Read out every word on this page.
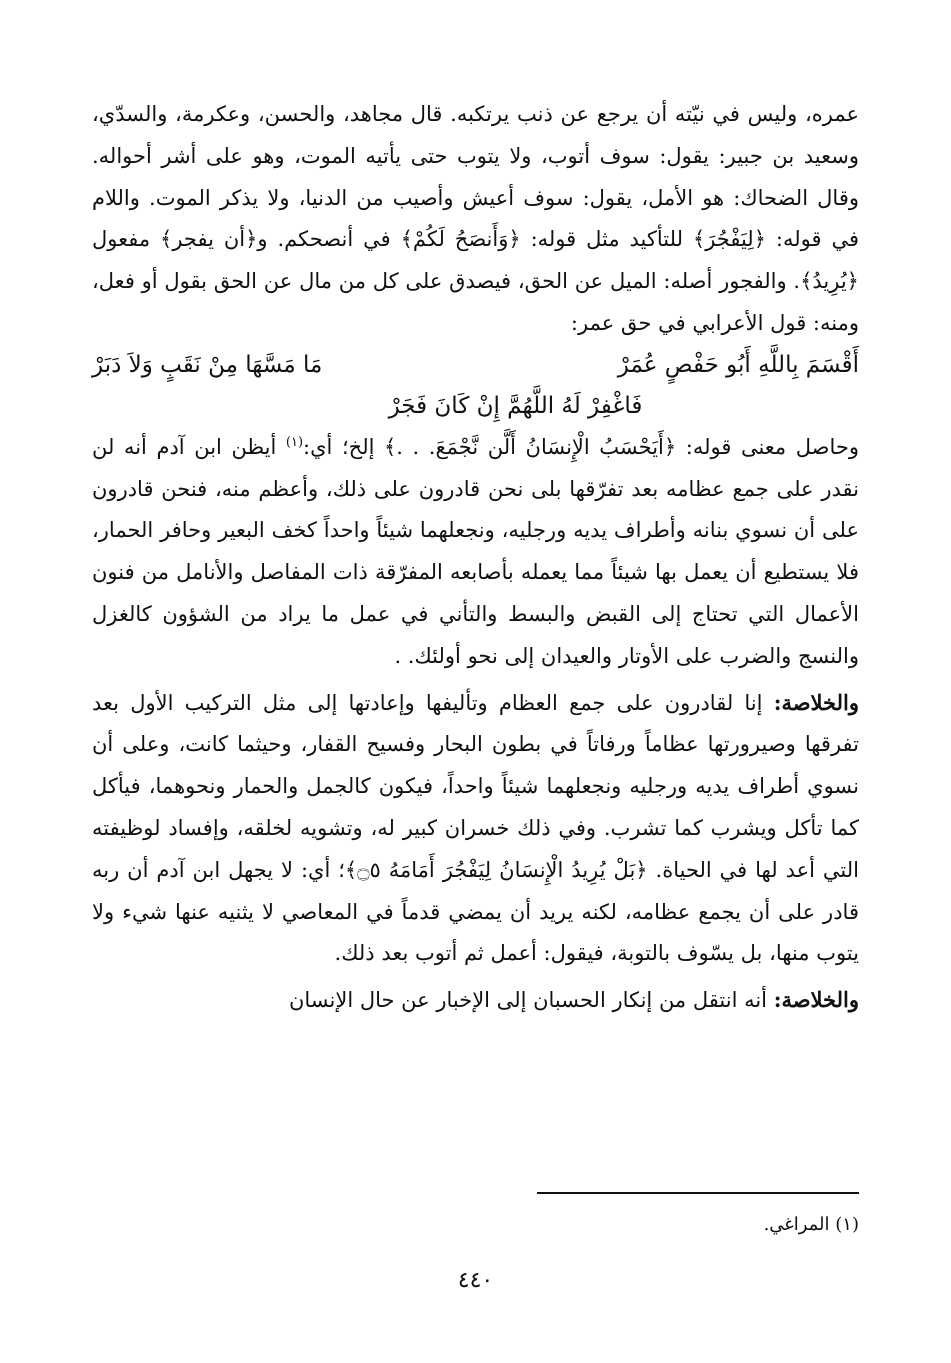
عمره، وليس في نيّته أن يرجع عن ذنب يرتكبه. قال مجاهد، والحسن، وعكرمة، والسدّي، وسعيد بن جبير: يقول: سوف أتوب، ولا يتوب حتى يأتيه الموت، وهو على أشر أحواله. وقال الضحاك: هو الأمل، يقول: سوف أعيش وأصيب من الدنيا، ولا يذكر الموت. واللام في قوله: ﴿لِيَفْجُرَ﴾ للتأكيد مثل قوله: ﴿وَأَنصَحُ لَكُمْ﴾ في أنصحكم. و﴿أن يفجر﴾ مفعول ﴿يُرِيدُ﴾. والفجور أصله: الميل عن الحق، فيصدق على كل من مال عن الحق بقول أو فعل، ومنه: قول الأعرابي في حق عمر:

أَقْسَمَ بِاللَّهِ أَبُو حَفْصٍ عُمَرْ
مَا مَسَّهَا مِنْ نَقَبٍ وَلاَ دَبَرْ
فَاغْفِرْ لَهُ اللَّهُمَّ إِنْ كَانَ فَجَرْ

وحاصل معنى قوله: ﴿أَيَحْسَبُ الْإِنسَانُ أَلَّن نَّجْمَعَ. . .﴾ إلخ؛ أي:$^{(١)}$ أيظن ابن آدم أنه لن نقدر على جمع عظامه بعد تفرّقها بلى نحن قادرون على ذلك، وأعظم منه، فنحن قادرون على أن نسوي بنانه وأطراف يديه ورجليه، ونجعلهما شيئاً واحداً كخف البعير وحافر الحمار، فلا يستطيع أن يعمل بها شيئاً مما يعمله بأصابعه المفرّقة ذات المفاصل والأنامل من فنون الأعمال التي تحتاج إلى القبض والبسط والتأني في عمل ما يراد من الشؤون كالغزل والنسج والضرب على الأوتار والعيدان إلى نحو أولئك. .

والخلاصة: إنا لقادرون على جمع العظام وتأليفها وإعادتها إلى مثل التركيب الأول بعد تفرقها وصيرورتها عظاماً ورفاتاً في بطون البحار وفسيح القفار، وحيثما كانت، وعلى أن نسوي أطراف يديه ورجليه ونجعلهما شيئاً واحداً، فيكون كالجمل والحمار ونحوهما، فيأكل كما تأكل ويشرب كما تشرب. وفي ذلك خسران كبير له، وتشويه لخلقه، وإفساد لوظيفته التي أعد لها في الحياة. ﴿بَلْ يُرِيدُ الْإِنسَانُ لِيَفْجُرَ أَمَامَهُ ۝٥﴾؛ أي: لا يجهل ابن آدم أن ربه قادر على أن يجمع عظامه، لكنه يريد أن يمضي قدماً في المعاصي لا يثنيه عنها شيء ولا يتوب منها، بل يسّوف بالتوبة، فيقول: أعمل ثم أتوب بعد ذلك.

والخلاصة: أنه انتقل من إنكار الحسبان إلى الإخبار عن حال الإنسان

(١) المراغي.
٤٤٠
